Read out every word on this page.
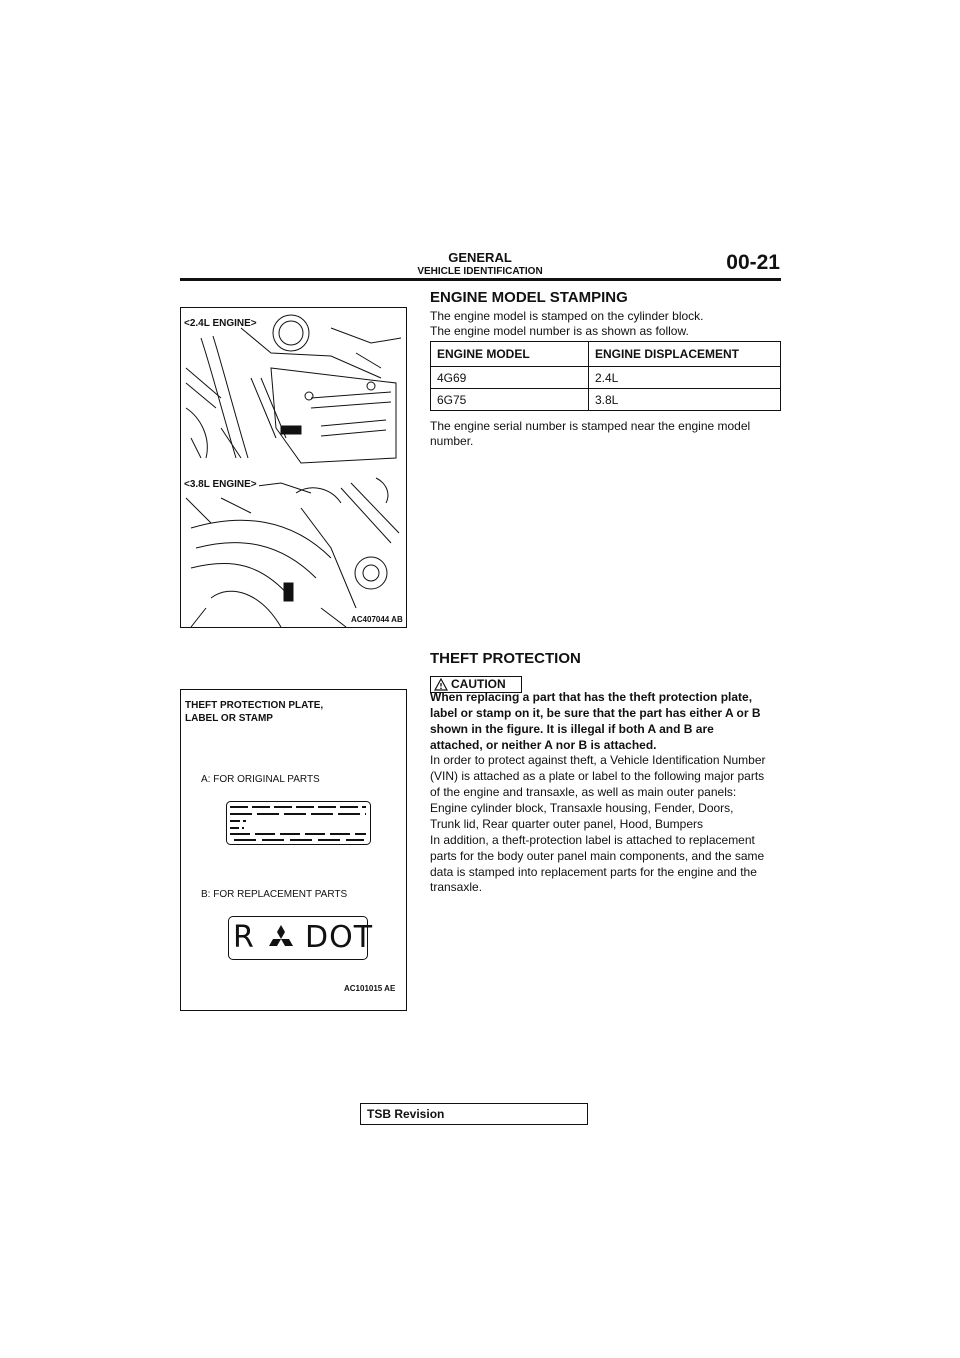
GENERAL
VEHICLE IDENTIFICATION	00-21
<2.4L ENGINE>
<3.8L ENGINE>
AC407044 AB
ENGINE MODEL STAMPING
The engine model is stamped on the cylinder block.
The engine model number is as shown as follow.
ENGINE MODEL	ENGINE DISPLACEMENT
4G69	2.4L
6G75	3.8L
The engine serial number is stamped near the engine model
number.
THEFT PROTECTION
CAUTION
When replacing a part that has the theft protection plate,
label or stamp on it, be sure that the part has either A or B
shown in the figure. It is illegal if both A and B are
attached, or neither A nor B is attached.
In order to protect against theft, a Vehicle Identification Number
(VIN) is attached as a plate or label to the following major parts
of the engine and transaxle, as well as main outer panels:
Engine cylinder block, Transaxle housing, Fender, Doors,
Trunk lid, Rear quarter outer panel, Hood, Bumpers
In addition, a theft-protection label is attached to replacement
parts for the body outer panel main components, and the same
data is stamped into replacement parts for the engine and the
transaxle.
THEFT PROTECTION PLATE,
LABEL OR STAMP
A: FOR ORIGINAL PARTS
B: FOR REPLACEMENT PARTS
R DOT
AC101015 AE
TSB Revision
